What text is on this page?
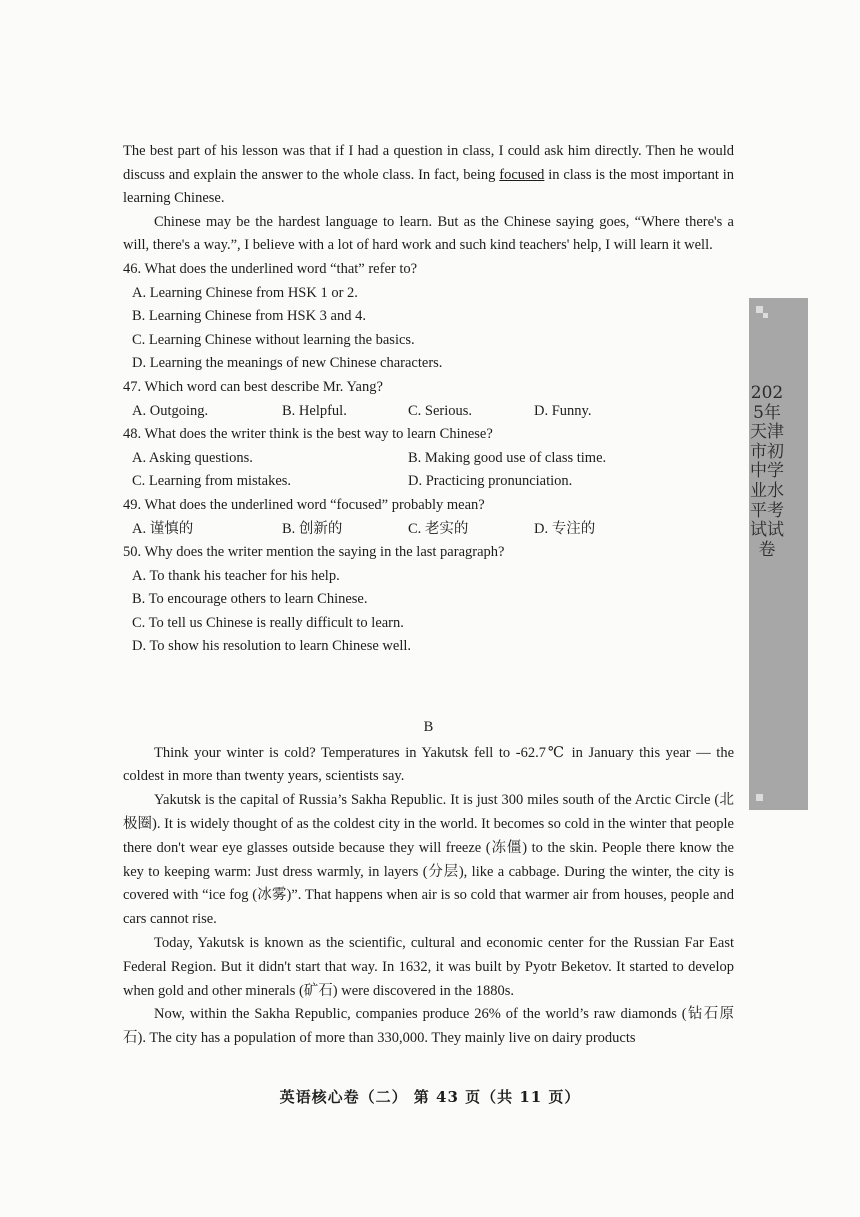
The best part of his lesson was that if I had a question in class, I could ask him directly. Then he would discuss and explain the answer to the whole class. In fact, being focused in class is the most important in learning Chinese.

Chinese may be the hardest language to learn. But as the Chinese saying goes, “Where there's a will, there's a way.”, I believe with a lot of hard work and such kind teachers' help, I will learn it well.

46. What does the underlined word “that” refer to?

A. Learning Chinese from HSK 1 or 2.

B. Learning Chinese from HSK 3 and 4.

C. Learning Chinese without learning the basics.

D. Learning the meanings of new Chinese characters.

47. Which word can best describe Mr. Yang?

A. Outgoing.	B. Helpful.	C. Serious.	D. Funny.

48. What does the writer think is the best way to learn Chinese?

A. Asking questions.	B. Making good use of class time.
C. Learning from mistakes.	D. Practicing pronunciation.

49. What does the underlined word “focused” probably mean?

A. 谨慎的	B. 创新的	C. 老实的	D. 专注的

50. Why does the writer mention the saying in the last paragraph?

A. To thank his teacher for his help.

B. To encourage others to learn Chinese.

C. To tell us Chinese is really difficult to learn.

D. To show his resolution to learn Chinese well.

B

Think your winter is cold? Temperatures in Yakutsk fell to -62.7℃ in January this year — the coldest in more than twenty years, scientists say.

Yakutsk is the capital of Russia’s Sakha Republic. It is just 300 miles south of the Arctic Circle (北极圈). It is widely thought of as the coldest city in the world. It becomes so cold in the winter that people there don't wear eye glasses outside because they will freeze (冻僵) to the skin. People there know the key to keeping warm: Just dress warmly, in layers (分层), like a cabbage. During the winter, the city is covered with “ice fog (冰雾)”. That happens when air is so cold that warmer air from houses, people and cars cannot rise.

Today, Yakutsk is known as the scientific, cultural and economic center for the Russian Far East Federal Region. But it didn't start that way. In 1632, it was built by Pyotr Beketov. It started to develop when gold and other minerals (矿石) were discovered in the 1880s.

Now, within the Sakha Republic, companies produce 26% of the world’s raw diamonds (钻石原石). The city has a population of more than 330,000. They mainly live on dairy products

2025年天津市初中学业水平考试试卷
英语核心卷（二） 第 43 页（共 11 页）
